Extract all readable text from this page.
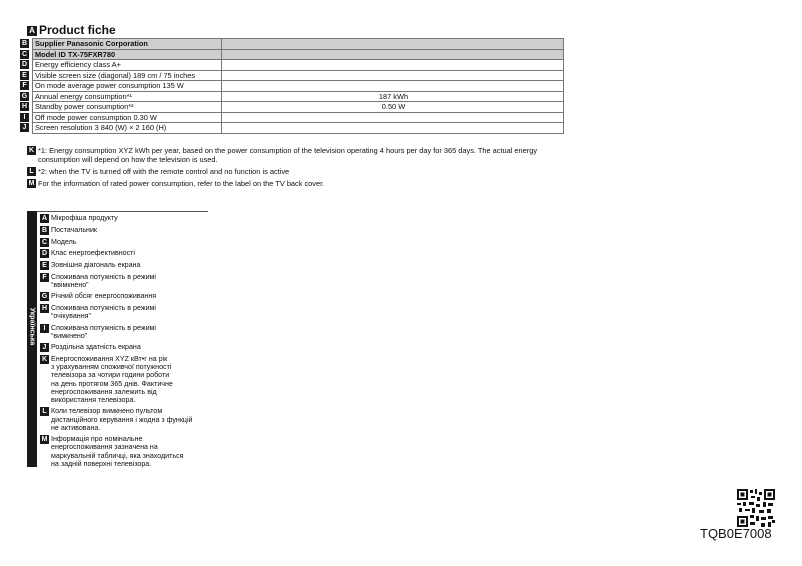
A Product fiche
B Supplier Panasonic Corporation	

C Model ID TX-75FXR780	

D Energy efficiency class A+	

E Visible screen size (diagonal) 189 cm / 75 inches	

F On mode average power consumption 135 W	

G Annual energy consumption*¹	187 kWh

H Standby power consumption*²	0.50 W

I Off mode power consumption 0.30 W	

J Screen resolution 3 840 (W) × 2 160 (H)	
K *1: Energy consumption XYZ kWh per year, based on the power consumption of the television operating 4 hours per day for 365 days. The actual energy consumption will depend on how the television is used.
L *2: when the TV is turned off with the remote control and no function is active
M For the information of rated power consumption, refer to the label on the TV back cover.
Українська
A Мікрофіша продукту
B Постачальник
C Модель
D Клас енергоефективності
E Зовнішня діагональ екрана
F Споживана потужність в режимі
“ввімкнено”
G Річний обсяг енергоспоживання
H Споживана потужність в режимі
“очікування”
I Споживана потужність в режимі
“вимкнено”
J Роздільна здатність екрана
K Енергоспоживання XYZ кВт•г на рік
з урахуванням споживчої потужності
телевізора за чотири години роботи
на день протягом 365 днів. Фактичне
енергоспоживання залежить від
використання телевізора.
L Коли телевізор вимкнено пультом
дистанційного керування і жодна з функцій
не активована.
M Інформація про номінальне
енергоспоживання зазначена на
маркувальній табличці, яка знаходиться
на задній поверхні телевізора.
TQB0E7008
